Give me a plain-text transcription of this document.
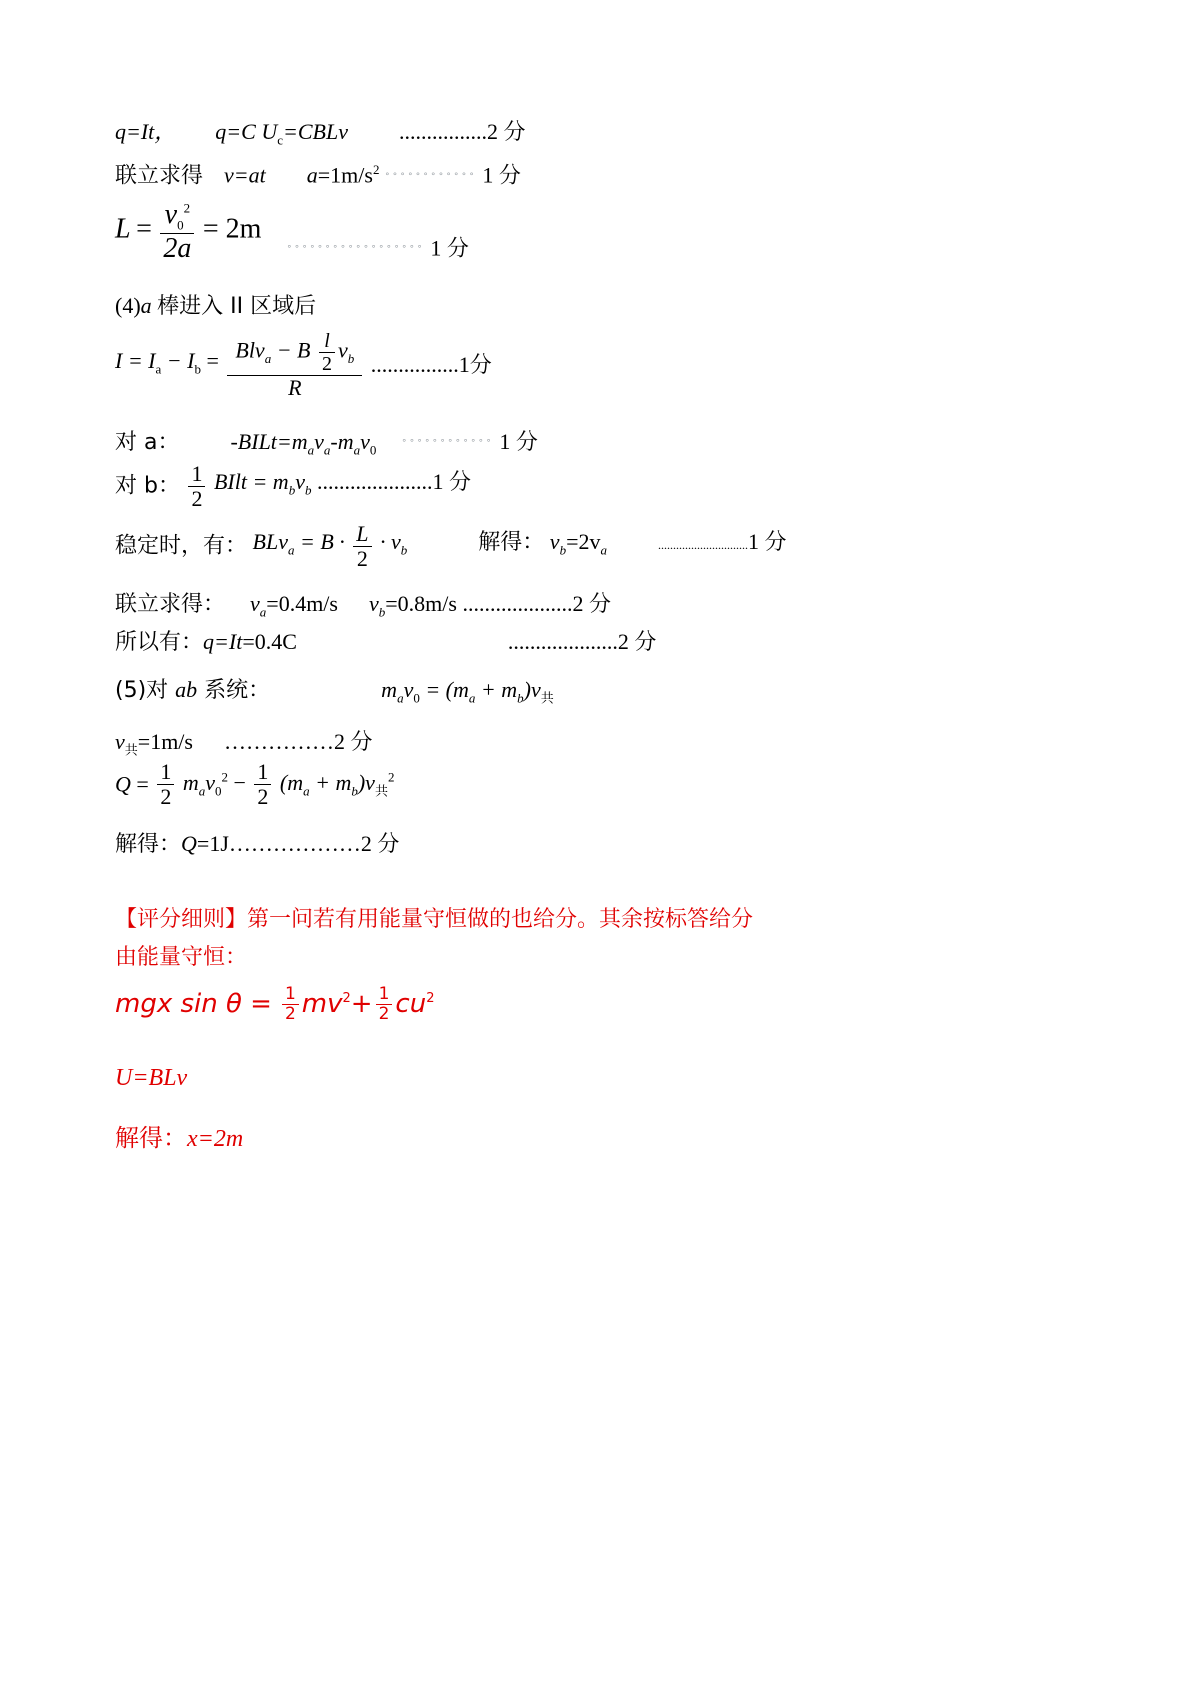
q=It， q=C $U_c=CBLv$ ................2 分
联立求得 v=at $a=1m/s^2$ ˚˚˚˚˚˚˚˚˚˚˚˚ 1 分
$L = \frac{v_0^2}{2a} = 2m$ $_{˚˚˚˚˚˚˚˚˚˚˚˚˚˚˚˚˚˚}$ 1 分
(4)a 棒进入 II 区域后
$I = I_a - I_b = \frac{Blv_a - B \frac{l}{2} v_b}{R} ................1$分
对 a： $-BILt=m_av_a-m_av_0$ ˚˚˚˚˚˚˚˚˚˚˚˚ 1 分
对 b： $\frac{1}{2}$ BIlt = $m_bv_b$ .....................1 分
稳定时，有： $BLv_a = B \cdot \frac{L}{2} \cdot v_b$	解得： $v_b=2v_a$	..............................1 分
联立求得： $v_a=0.4m/s$ $v_b=0.8m/s$ ....................2 分
所以有：q=It=0.4C	....................2 分
(5)对 ab 系统：	$m_av_0 = (m_a + m_b)v_共$
$v_共=1m/s$ ……………2 分
$Q = \frac{1}{2} m_av_0^2 - \frac{1}{2} (m_a + m_b)v_共^2$
解得：Q=1J………………2 分
【评分细则】第一问若有用能量守恒做的也给分。其余按标答给分
由能量守恒：
mgx $\sin \theta = \frac{1}{2} mv^2+ \frac{1}{2} cu^2$
U=BLv
解得：x=2m
